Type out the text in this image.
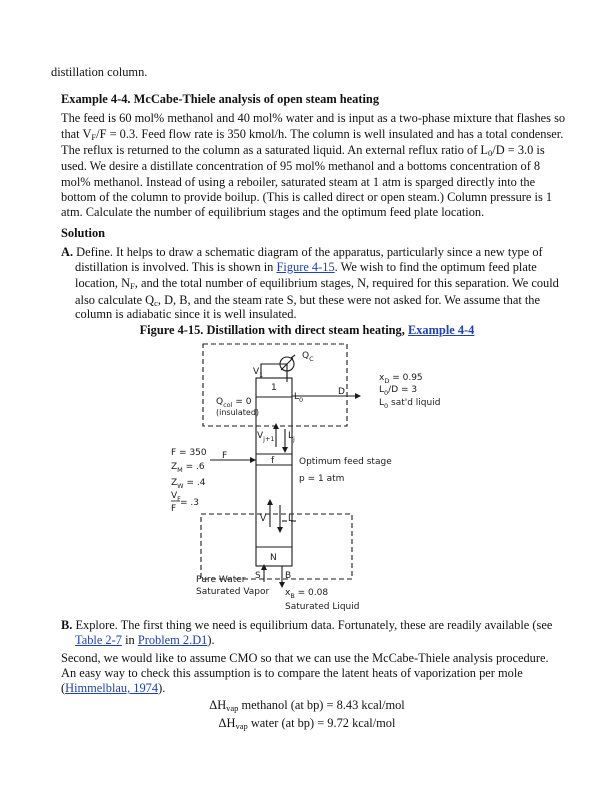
distillation column.
Example 4-4. McCabe-Thiele analysis of open steam heating
The feed is 60 mol% methanol and 40 mol% water and is input as a two-phase mixture that flashes so
that $V_F/F = 0.3$. Feed flow rate is 350 kmol/h. The column is well insulated and has a total condenser.
The reflux is returned to the column as a saturated liquid. An external reflux ratio of $L_0/D = 3.0$ is
used. We desire a distillate concentration of 95 mol% methanol and a bottoms concentration of 8
mol% methanol. Instead of using a reboiler, saturated steam at 1 atm is sparged directly into the
bottom of the column to provide boilup. (This is called direct or open steam.) Column pressure is 1
atm. Calculate the number of equilibrium stages and the optimum feed plate location.
Solution
A. Define. It helps to draw a schematic diagram of the apparatus, particularly since a new type of
distillation is involved. This is shown in Figure 4-15. We wish to find the optimum feed plate
location, $N_F$, and the total number of equilibrium stages, N, required for this separation. We could
also calculate $Q_c$, D, B, and the steam rate S, but these were not asked for. We assume that the
column is adiabatic since it is well insulated.
Figure 4-15. Distillation with direct steam heating, Example 4-4
$Q_C$
$V_1$
1
$L_0$
D
$x_D = 0.95$
$L_0/D = 3$
$L_0$ sat'd liquid
$Q_{col} = 0$
(insulated)
$V_{j+1}$ $L_j$
F	f
F = 350
$Z_M = .6$
$Z_W = .4$
$V_F = .3$
F
Optimum feed stage
p = 1 atm
V L
N
S	B
Pure Water
Saturated Vapor $x_B = 0.08$
Saturated Liquid
B. Explore. The first thing we need is equilibrium data. Fortunately, these are readily available (see
Table 2-7 in Problem 2.D1).
Second, we would like to assume CMO so that we can use the McCabe-Thiele analysis procedure.
An easy way to check this assumption is to compare the latent heats of vaporization per mole
(Himmelblau, 1974).
$\Delta H_{vap}$ methanol (at bp) = 8.43 kcal/mol
$\Delta H_{vap}$ water (at bp) = 9.72 kcal/mol
